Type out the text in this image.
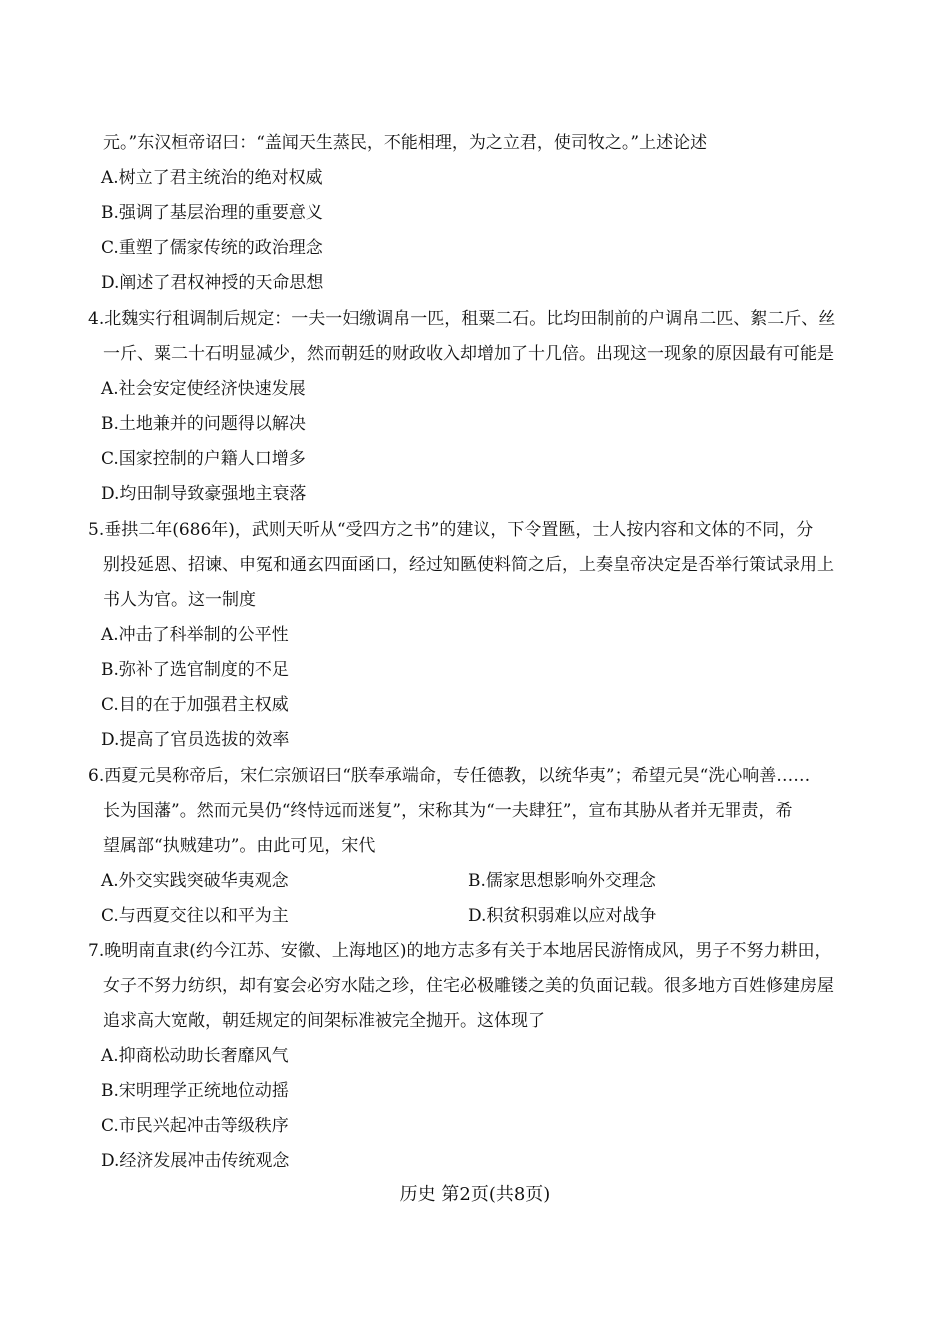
元。”东汉桓帝诏曰：“盖闻天生蒸民，不能相理，为之立君，使司牧之。”上述论述
A.树立了君主统治的绝对权威
B.强调了基层治理的重要意义
C.重塑了儒家传统的政治理念
D.阐述了君权神授的天命思想
4.北魏实行租调制后规定：一夫一妇缴调帛一匹，租粟二石。比均田制前的户调帛二匹、絮二斤、丝
一斤、粟二十石明显减少，然而朝廷的财政收入却增加了十几倍。出现这一现象的原因最有可能是
A.社会安定使经济快速发展
B.土地兼并的问题得以解决
C.国家控制的户籍人口增多
D.均田制导致豪强地主衰落
5.垂拱二年(686年)，武则天听从“受四方之书”的建议，下令置匦，士人按内容和文体的不同，分
别投延恩、招谏、申冤和通玄四面函口，经过知匦使料简之后，上奏皇帝决定是否举行策试录用上
书人为官。这一制度
A.冲击了科举制的公平性
B.弥补了选官制度的不足
C.目的在于加强君主权威
D.提高了官员选拔的效率
6.西夏元昊称帝后，宋仁宗颁诏曰“朕奉承端命，专任德教，以统华夷”；希望元昊“洗心响善……
长为国藩”。然而元昊仍“终恃远而迷复”，宋称其为“一夫肆狂”，宣布其胁从者并无罪责，希
望属部“执贼建功”。由此可见，宋代
A.外交实践突破华夷观念	B.儒家思想影响外交理念
C.与西夏交往以和平为主	D.积贫积弱难以应对战争
7.晚明南直隶(约今江苏、安徽、上海地区)的地方志多有关于本地居民游惰成风，男子不努力耕田，
女子不努力纺织，却有宴会必穷水陆之珍，住宅必极雕镂之美的负面记载。很多地方百姓修建房屋
追求高大宽敞，朝廷规定的间架标准被完全抛开。这体现了
A.抑商松动助长奢靡风气
B.宋明理学正统地位动摇
C.市民兴起冲击等级秩序
D.经济发展冲击传统观念
历史 第2页(共8页)
